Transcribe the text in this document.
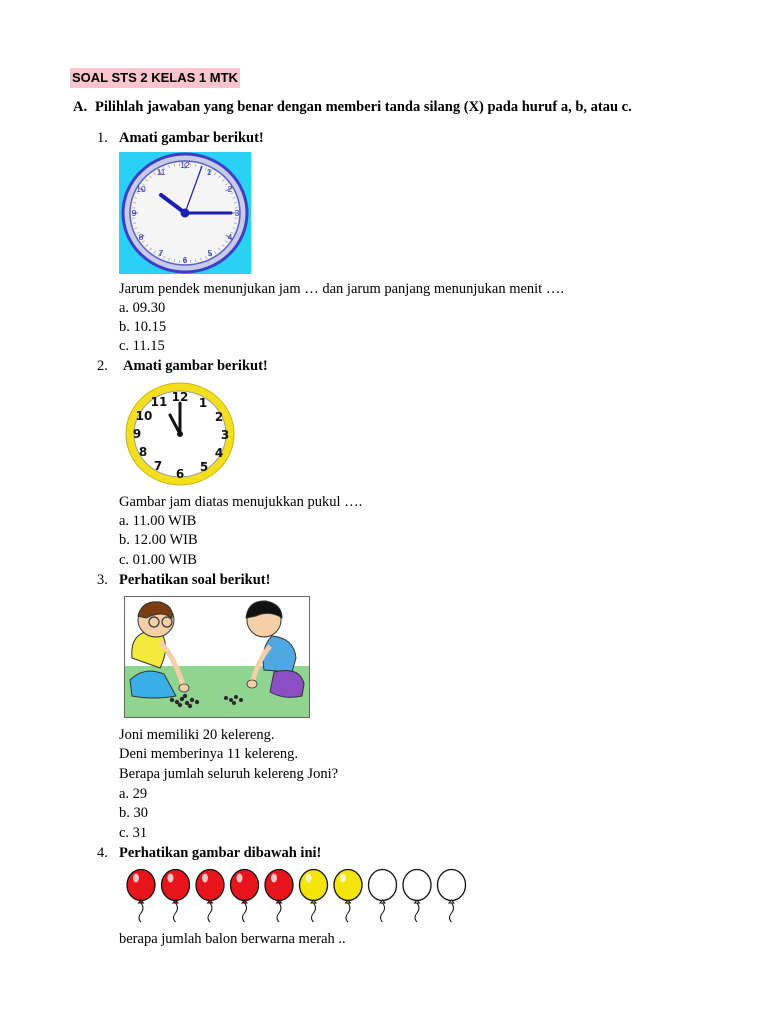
SOAL STS 2 KELAS 1 MTK
A. Pilihlah jawaban yang benar dengan memberi tanda silang (X) pada huruf a, b, atau c.
1. Amati gambar berikut!
12
1
2
3
4
5
6
7
8
9
10
11
Jarum pendek menunjukan jam … dan jarum panjang menunjukan menit ….
a. 09.30
b. 10.15
c. 11.15
2. Amati gambar berikut!
12 1
2
3
4
5
6
7
8
9
10
11
Gambar jam diatas menujukkan pukul ….
a. 11.00 WIB
b. 12.00 WIB
c. 01.00 WIB
3. Perhatikan soal berikut!
Joni memiliki 20 kelereng.
Deni memberinya 11 kelereng.
Berapa jumlah seluruh kelereng Joni?
a. 29
b. 30
c. 31
4. Perhatikan gambar dibawah ini!
berapa jumlah balon berwarna merah ..
